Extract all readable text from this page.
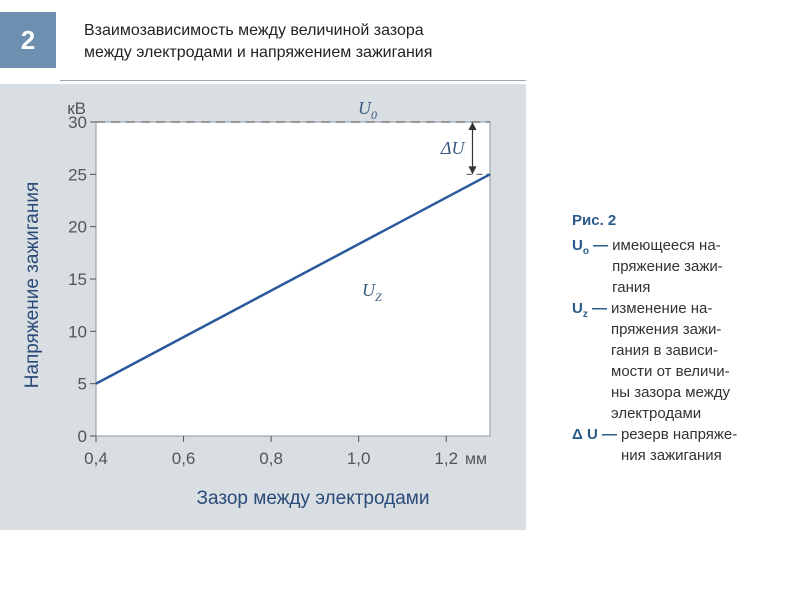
2	Взаимозависимость между величиной зазора
между электродами и напряжением зажигания
0
5
10
15
20
25
30
кВ
0,4	0,6	0,8	1,0	1,2 мм
Зазор между электродами
Напряжение зажигания	$U_Z$
$U_0$
ΔU
Рис. 2
$U_o$ — имеющееся на-
пряжение зажи-
гания
$U_z$ — изменение на-
пряжения зажи-
гания в зависи-
мости от величи-
ны зазора между
электродами
Δ U — резерв напряже-
ния зажигания
